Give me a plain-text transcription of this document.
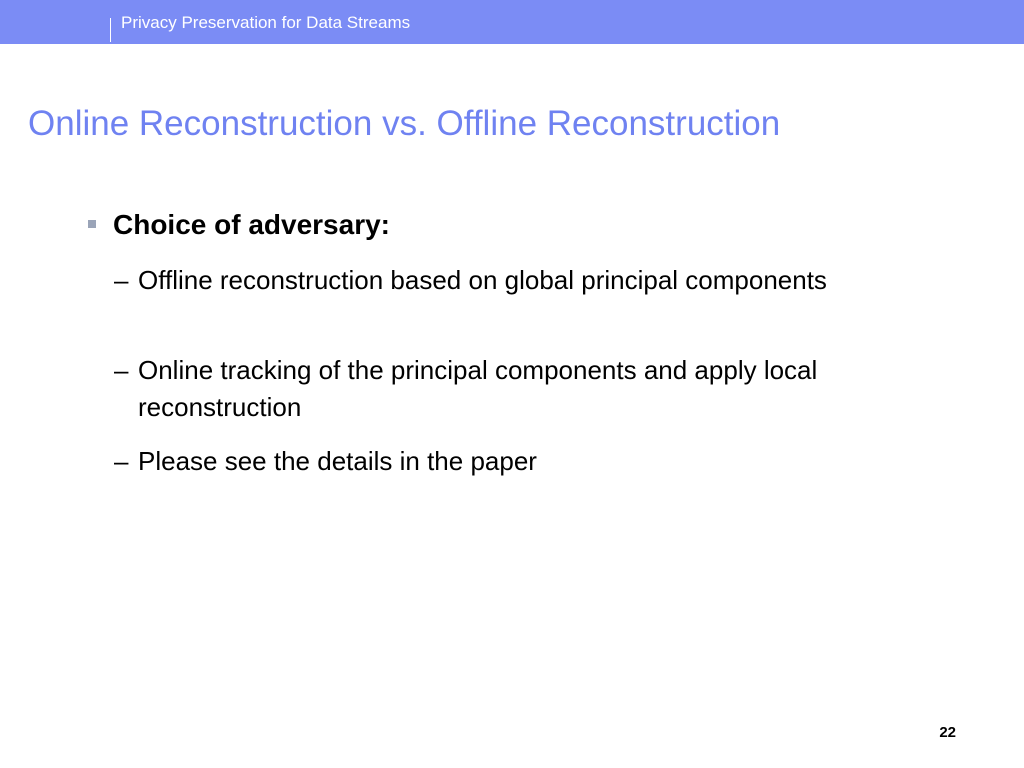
Privacy Preservation for Data Streams
Online Reconstruction vs. Offline Reconstruction
Choice of adversary:
– Offline reconstruction based on global principal components
– Online tracking of the principal components and apply local reconstruction
– Please see the details in the paper
22
